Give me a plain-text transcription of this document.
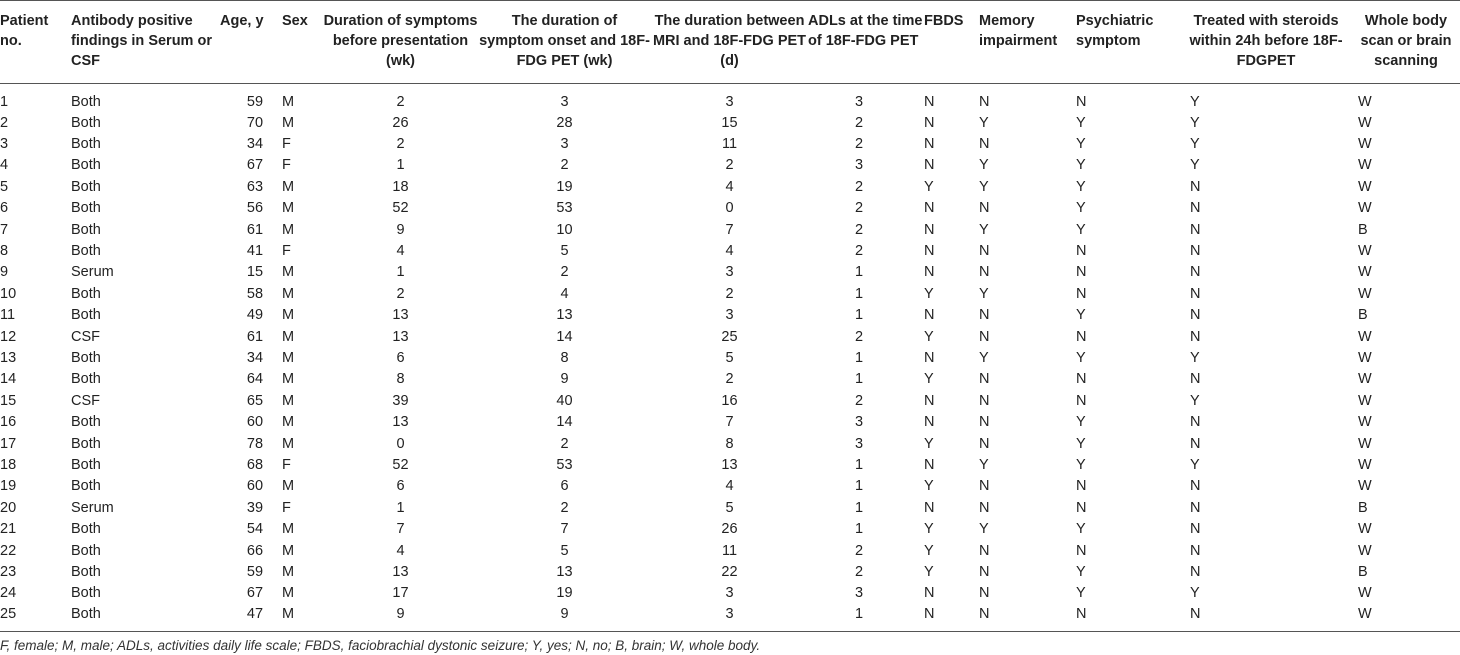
Patient no.	Antibody positive findings in Serum or CSF	Age, y	Sex	Duration of symptoms before presentation (wk)	The duration of symptom onset and 18F-FDG PET (wk)	The duration between MRI and 18F-FDG PET (d)	ADLs at the time of 18F-FDG PET	FBDS	Memory impairment	Psychiatric symptom	Treated with steroids within 24h before 18F-FDGPET	Whole body scan or brain scanning
1	Both	59	M	2	3	3	3	N	N	N	Y	W
2	Both	70	M	26	28	15	2	N	Y	Y	Y	W
3	Both	34	F	2	3	11	2	N	N	Y	Y	W
4	Both	67	F	1	2	2	3	N	Y	Y	Y	W
5	Both	63	M	18	19	4	2	Y	Y	Y	N	W
6	Both	56	M	52	53	0	2	N	N	Y	N	W
7	Both	61	M	9	10	7	2	N	Y	Y	N	B
8	Both	41	F	4	5	4	2	N	N	N	N	W
9	Serum	15	M	1	2	3	1	N	N	N	N	W
10	Both	58	M	2	4	2	1	Y	Y	N	N	W
11	Both	49	M	13	13	3	1	N	N	Y	N	B
12	CSF	61	M	13	14	25	2	Y	N	N	N	W
13	Both	34	M	6	8	5	1	N	Y	Y	Y	W
14	Both	64	M	8	9	2	1	Y	N	N	N	W
15	CSF	65	M	39	40	16	2	N	N	N	Y	W
16	Both	60	M	13	14	7	3	N	N	Y	N	W
17	Both	78	M	0	2	8	3	Y	N	Y	N	W
18	Both	68	F	52	53	13	1	N	Y	Y	Y	W
19	Both	60	M	6	6	4	1	Y	N	N	N	W
20	Serum	39	F	1	2	5	1	N	N	N	N	B
21	Both	54	M	7	7	26	1	Y	Y	Y	N	W
22	Both	66	M	4	5	11	2	Y	N	N	N	W
23	Both	59	M	13	13	22	2	Y	N	Y	N	B
24	Both	67	M	17	19	3	3	N	N	Y	Y	W
25	Both	47	M	9	9	3	1	N	N	N	N	W
F, female; M, male; ADLs, activities daily life scale; FBDS, faciobrachial dystonic seizure; Y, yes; N, no; B, brain; W, whole body.
